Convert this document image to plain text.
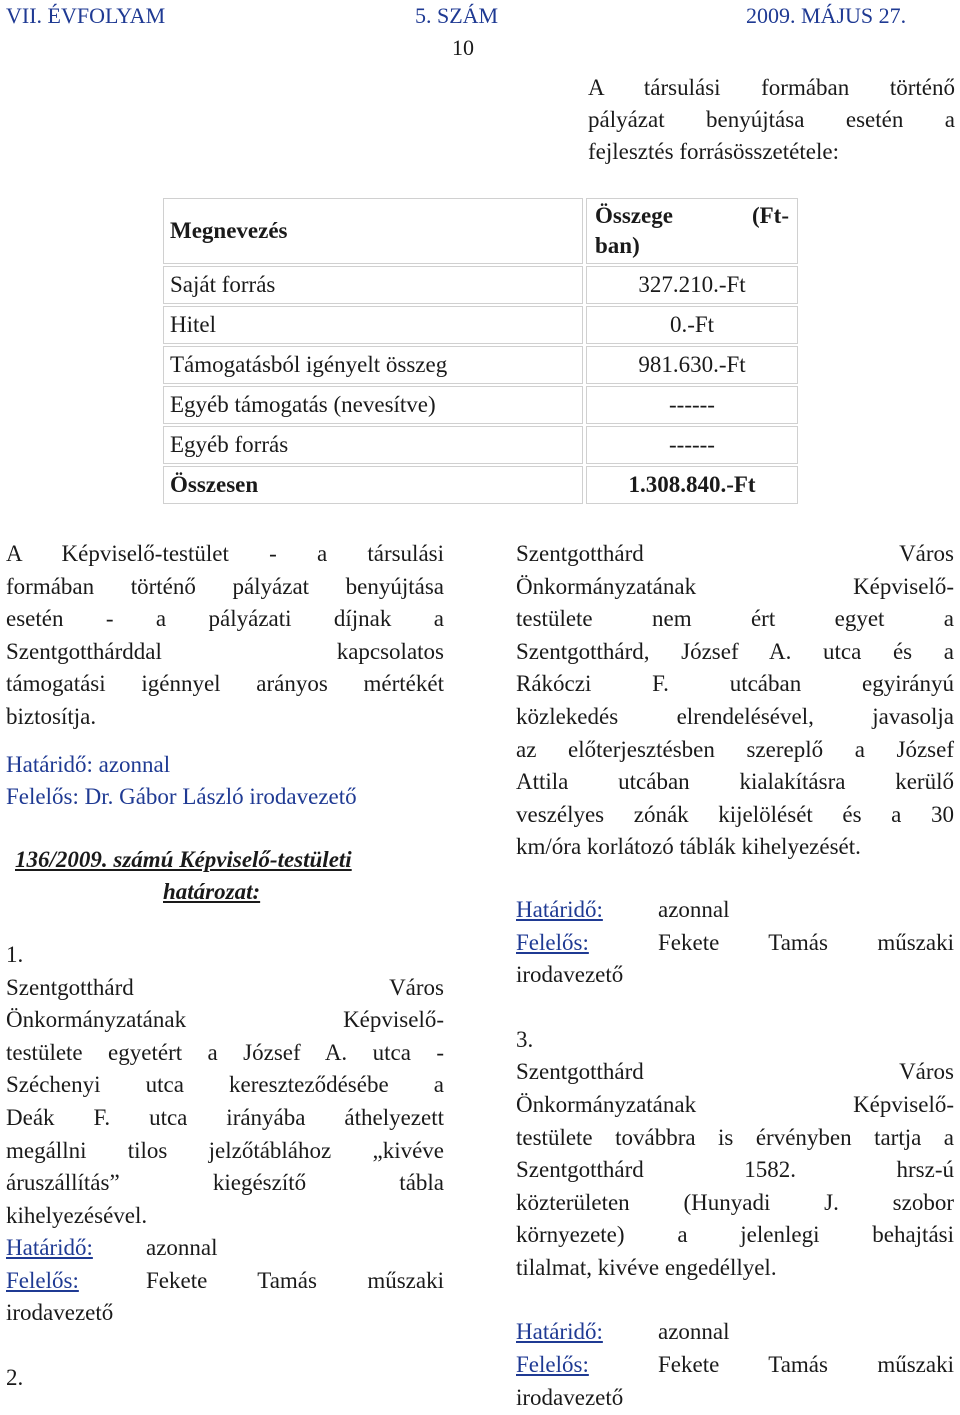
VII. ÉVFOLYAM	5. SZÁM	2009. MÁJUS 27.
10
A társulási formában történő
pályázat benyújtása esetén a
fejlesztés forrásösszetétele:
Megnevezés
Összege	(Ft-
ban)
Saját forrás	327.210.-Ft
Hitel	0.-Ft
Támogatásból igényelt összeg	981.630.-Ft
Egyéb támogatás (nevesítve)	------
Egyéb forrás	------
Összesen	1.308.840.-Ft
A Képviselő-testület - a társulási
formában történő pályázat benyújtása
esetén - a pályázati díjnak a
Szentgotthárddal kapcsolatos
támogatási igénnyel arányos mértékét
biztosítja.
Határidő: azonnal
Felelős: Dr. Gábor László irodavezető
136/2009. számú Képviselő-testületi
határozat:
1.
Szentgotthárd Város
Önkormányzatának Képviselő-
testülete egyetért a József A. utca -
Széchenyi utca kereszteződésébe a
Deák F. utca irányába áthelyezett
megállni tilos jelzőtáblához „kivéve
áruszállítás” kiegészítő tábla
kihelyezésével.
Határidő:	azonnal
Felelős:	Fekete Tamás műszaki
irodavezető
2.
Szentgotthárd Város
Önkormányzatának Képviselő-
testülete nem ért egyet a
Szentgotthárd, József A. utca és a
Rákóczi F. utcában egyirányú
közlekedés elrendelésével, javasolja
az előterjesztésben szereplő a József
Attila utcában kialakításra kerülő
veszélyes zónák kijelölését és a 30
km/óra korlátozó táblák kihelyezését.
Határidő:	azonnal
Felelős:	Fekete Tamás műszaki
irodavezető
3.
Szentgotthárd Város
Önkormányzatának Képviselő-
testülete továbbra is érvényben tartja a
Szentgotthárd 1582. hrsz-ú
közterületen (Hunyadi J. szobor
környezete) a jelenlegi behajtási
tilalmat, kivéve engedéllyel.
Határidő:	azonnal
Felelős:	Fekete Tamás műszaki
irodavezető
